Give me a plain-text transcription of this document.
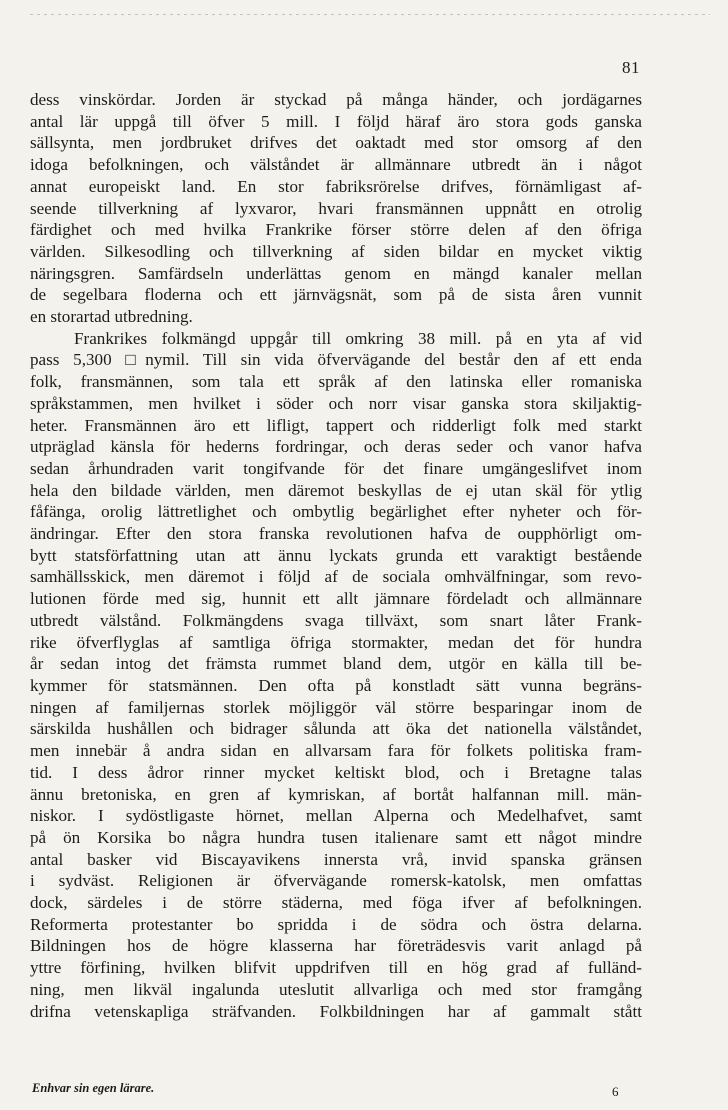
81
dess vinskördar. Jorden är styckad på många händer, och jordägarnes
antal lär uppgå till öfver 5 mill. I följd häraf äro stora gods ganska
sällsynta, men jordbruket drifves det oaktadt med stor omsorg af den
idoga befolkningen, och välståndet är allmännare utbredt än i något
annat europeiskt land. En stor fabriksrörelse drifves, förnämligast af-
seende tillverkning af lyxvaror, hvari fransmännen uppnått en otrolig
färdighet och med hvilka Frankrike förser större delen af den öfriga
världen. Silkesodling och tillverkning af siden bildar en mycket viktig
näringsgren. Samfärdseln underlättas genom en mängd kanaler mellan
de segelbara floderna och ett järnvägsnät, som på de sista åren vunnit
en storartad utbredning.
Frankrikes folkmängd uppgår till omkring 38 mill. på en yta af vid
pass 5,300 □nymil. Till sin vida öfvervägande del består den af ett enda
folk, fransmännen, som tala ett språk af den latinska eller romaniska
språkstammen, men hvilket i söder och norr visar ganska stora skiljaktig-
heter. Fransmännen äro ett lifligt, tappert och ridderligt folk med starkt
utpräglad känsla för hederns fordringar, och deras seder och vanor hafva
sedan århundraden varit tongifvande för det finare umgängeslifvet inom
hela den bildade världen, men däremot beskyllas de ej utan skäl för ytlig
fåfänga, orolig lättretlighet och ombytlig begärlighet efter nyheter och för-
ändringar. Efter den stora franska revolutionen hafva de oupphörligt om-
bytt statsförfattning utan att ännu lyckats grunda ett varaktigt bestående
samhällsskick, men däremot i följd af de sociala omhvälfningar, som revo-
lutionen förde med sig, hunnit ett allt jämnare fördeladt och allmännare
utbredt välstånd. Folkmängdens svaga tillväxt, som snart låter Frank-
rike öfverflyglas af samtliga öfriga stormakter, medan det för hundra
år sedan intog det främsta rummet bland dem, utgör en källa till be-
kymmer för statsmännen. Den ofta på konstladt sätt vunna begräns-
ningen af familjernas storlek möjliggör väl större besparingar inom de
särskilda hushållen och bidrager sålunda att öka det nationella välståndet,
men innebär å andra sidan en allvarsam fara för folkets politiska fram-
tid. I dess ådror rinner mycket keltiskt blod, och i Bretagne talas
ännu bretoniska, en gren af kymriskan, af bortåt halfannan mill. män-
niskor. I sydöstligaste hörnet, mellan Alperna och Medelhafvet, samt
på ön Korsika bo några hundra tusen italienare samt ett något mindre
antal basker vid Biscayavikens innersta vrå, invid spanska gränsen
i sydväst. Religionen är öfvervägande romersk-katolsk, men omfattas
dock, särdeles i de större städerna, med föga ifver af befolkningen.
Reformerta protestanter bo spridda i de södra och östra delarna.
Bildningen hos de högre klasserna har företrädesvis varit anlagd på
yttre förfining, hvilken blifvit uppdrifven till en hög grad af fulländ-
ning, men likväl ingalunda uteslutit allvarliga och med stor framgång
drifna vetenskapliga sträfvanden. Folkbildningen har af gammalt stått
Enhvar sin egen lärare.	6
